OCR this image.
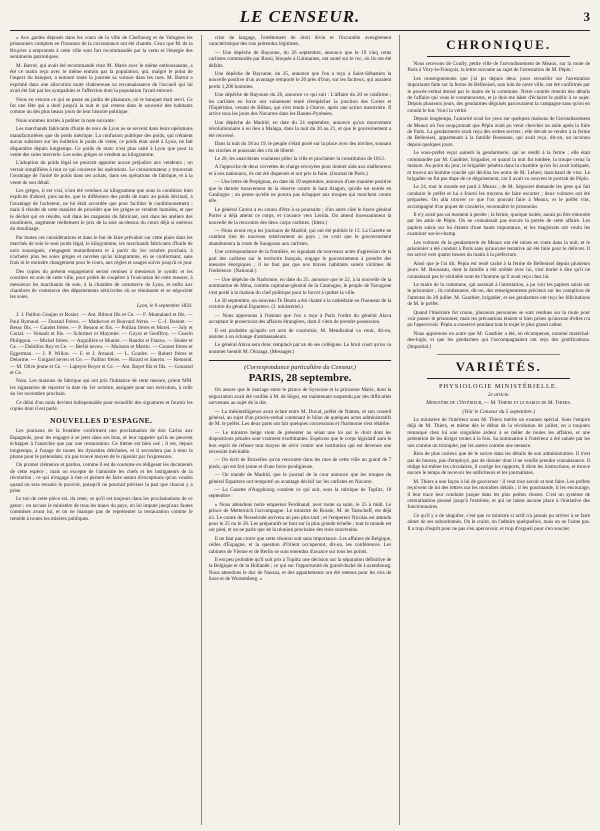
LE CENSEUR.	3

« Aux gardes déposés dans les cours de la ville de Cherbourg et de Valognes les prisonniers complets en l'honneur de la circonstance ont été chantés. Ceux que M. de la Bruyère a empruntés à cette ville sont fort recommandés par la vertu et l'énergie des sentiments patriotiques.

M. Barrot, qui avait été recommandé chez M. Marie avec le même enthousiasme, a été ce matin reçu avec le même entrain par la population, qui, malgré le point de l'aspect du banquet, a entouré toute la journée sa voiture dans les rues. M. Barrot a exprimé dans une allocution toute chaleureuse sa reconnaissance de l'accueil qui lui avait été fait par les sympathies et l'affection dont la population l'avait entouré.

Nous en venons ce qui se passe au jardin de plaisance, où le banquet était servi. Ce fut une fête qui a duré jusqu'à la nuit et qui restera dans le souvenir des habitants comme un des plus beaux jours de leur histoire politique.

Nous sommes invités à publier la note suivante :

Les marchands fabricants d'huile de noix de Lyon ne se servent dans leurs opérations manufacturières que du poids métrique. La confusion publique des poids, qui n'étaient aucun subsister sur les bulletins le poids de vente, ce poids était usité à Lyon, ne fait disparaître depuis longtemps. Ce poids de marc n'est plus usité à Lyon que pour la vente des soies mercerie. Les soies grèges se vendent au kilogramme.

L'adoption du poids légal ne pourrait apporter aucun préjudice aux vendeurs ; on verrait simplifiées à tout ce qui concerne les opérations. Le consommateur y trouverait l'avantage de l'unité de poids dans ses achats, dans ses opérations de fabrique, et à la vente de son détail.

Les grèges, il est vrai, n'ont été vendues au kilogramme que sous la condition bien explicite d'abord, puis tacite, que le différence des poids de marc au poids décimal, à l'avantage de l'acheteur, ne lui était accordée que pour faciliter le conditionnement ; mais il résulte de cette manière de procéder que les grèges se vendent humides, et que le déchet qui en résulte, soit dans les magasins du fabricant, soit dans les ateliers des mouliniers, augmente réellement le prix de la soie au-dessus du cours déjà si onéreux du moulinage.

Par toutes ces considérations et dans le but de faire prévaloir sur cette place dans les marchés de soie le seul poids légal, le kilogramme, les marchands fabricants d'huile de noix soussignés, s'engagent mutuellement et à partir du 1er octobre prochain, à n'acheter plus les soies grèges et ouvrées qu'au kilogramme, en se conformant, sans frais ni le moindre changement pour le cours, aux règles et usages suivis jusqu'à ce jour.

Des copies du présent engagement seront remises à messieurs le syndic et les courtiers en soie de cette ville, pour prière de coopérer à l'exécution de cette mesure, à messieurs les marchands de soie, à la chambre de commerce de Lyon, et enfin aux chambres de commerce des départements séricicoles où se réunissent et se négocient les soies.

Lyon, le 9 septembre 1833.

J. J. Paillon Goujon et Rosier. — Ant. Ribout fils et Ce. — F. Montaland et fils. — Paul Rymaud. — Durand Frères. — Mathevon et Bouvard frères. — C.-J. Bonnet. — Bessy fils. — Gaudet frères. — P. Besson et fils. — Pollian frères et Morel. — Joly et Curial. — Venault et fils. — Schirmer et Maymier. — Guyot et Geoffroy. — Guerin Philippon. — Michel frères. — Arguillère et Munier. — Baudot et Fatava. — Sinder et Ce. — Dubilliot Roy et Ce. — Berlié neveu. — Moisson et Martin. — Gonnet frères et Eggerman. — J. P. Willon. — F. et J. Arnaud. — L. Coudre. — Robert frères et Delorme. — Guigard neveu et Ce. — Paillon frères. — Ricard et Sauvin. — Remond. — M. Olive jeune et Ce. — Lapeyre Boyer et Ce. — Ant. Bayet fils et fils. — Gourand et Ce.

Nota. Les maisons de fabrique qui ont pris l'initiative de cette mesure, prient MM. les signataires de reporter la date du 1er octobre, assignée pour son exécution, à celle du 1er novembre prochain.

Ce délai d'un mois devient indispensable pour recueillir des signatures et fournir les copies dont il est parlé.

NOUVELLES D'ESPAGNE.

Les journaux de la frontière confirment une proclamation de don Carlos aux Espagnols, pour les engager à se jeter dans ses bras, et leur rappeler qu'ils ne peuvent échapper à l'anarchie que par une restauration. Ce thème est bien usé ; il est, depuis longtemps, à l'usage de toutes les dynasties détrônées, et il secondera pas à tenu la plume pour le prétendant, n'a pas trouvé moyen de le rajeunir par l'expression.

On promet clémence et pardon, comme il est de coutume en rédigeant les documents de cette espèce ; mais on excepte de l'amnistie les chefs et les instigateurs de la révolution ; ce qui n'engage à rien et permet de faire autant d'exceptions qu'on voudra quand on sera ressaisi le pouvoir, puisqu'il ne pourrait préciser la part que chacun y a prise.

Le ton de cette pièce est, du reste, ce qu'il est toujours dans les proclamations de ce genre ; on accuse le ministère de tous les maux du pays, on lui impute jusqu'aux fautes commises avant lui, et on ne manque pas de représenter la restauration comme le remède à toutes les misères publiques.

crise de langage, l'entêtement de droit divin et l'incurable aveuglement caractéristique des rois prétendus légitimes.

— Une dépêche de Bayonne, du 26 septembre, annonce que le 19 cinq cents carlistes commandés par Rossi, bloqués à Guimaraes, ont sauté sur le roc, où ils ont été défaits.

Une dépêche de Bayonne, du 25, annonce que l'on a reçu à Saint-Sébastien la nouvelle positive d'un avantage remporté le 20 près d'Irun, sur les factieux, qui auraient perdu 1,200 hommes.

Une dépêche de Bayonne du 26, annonce ce qui suit : L'affaire du 20 se confirme ; les carlistes en force ont vainement tenté d'empêcher la jonction des Cortes et l'Espéridon, venant de Bilbao, qui s'est rendu à Ororce, après une action meurtrière. Il arrive tous les jours des Navarres dans les Hautes-Pyrénées.

Une dépêche de Madrid, en date du 24 septembre, annonce qu'un mouvement révolutionnaire a eu lieu à Malaga, dans la nuit du 20 au 21, et que le gouvernement a été renversé.

Dans la nuit du 18 au 19, le peuple s'était porté sur la place avec des torches, sonnant les cloches et poussant des cris de liberté.

Le 20, les anarchistes voulaient piller la ville et proclamer la constitution de 1812.

A l'approche de deux corvettes de charge envoyées pour donner aide aux malheureux et à nos nationaux, ils ont été dispersés et ont pris la fuite. (Journal de Paris.)

— Une lettre de Perpignan, en date du 19 septembre, annonce d'une manière positive que le dernier mouvement de la réserve contre le haut Aragon, qu'elle est entrée en Catalogne ; on pense qu'elle ne pourra pas échapper aux troupes qui marchent contre elle.

Le général Carera a eu connu d'être à sa poursuite ; d'un autre côté le brave général Porter a déjà atteint ce corps, et s'avance vers Lérida. On attend incessamment la nouvelle de la rencontre des deux corps carlistes. (Idem.)

— Nous avons reçu les journaux de Madrid, qui ont été publiés le 13. La Gazette ne contient rien de nouveau relativement au pays ; on croit que le gouvernement abandonnera la route de Saragosse aux carlistes.

Une correspondance de la frontière, en signalant de nouveaux actes d'agression de la part des carlistes sur le territoire français, engage le gouvernement à prendre des mesures énergiques ; il ne faut pas que nos braves habitants soient victimes de l'indolence. (National.)

— Une dépêche de Narbonne, en date du 25, annonce que le 22, à la nouvelle de la nomination de Mina, comme capitaine-général de la Catalogne, le peuple de Tarragone s'est porté à la maison du chef politique pour le forcer à quitter la ville.

Le 20 septembre, un nouveau Te Deum a été chanté à la cathédrale en l'honneur de la victoire du général Espartero. (J. ministériel.)

— Nous apprenons à l'instant que l'on a reçu à Paris l'ordre du général Alava acceptant le protectorat des affaires étrangères, dont il vient de prendre possession.

Il est probable qu'après cet acte de courtoisie, M. Mendizabal va venir, dit-on, assister à un échange d'ambassadeurs.

Le général Alava sera donc remplacé par un de ses collègues. Le bruit court qu'on va nommer bientôt M. Olozaga. (Messager.)

(Correspondance particulière du Censeur.)
PARIS, 28 septembre.

On assure que le mariage entre le prince de Syracuse et la princesse Marie, dont la négociation avait été confiée à M. de Ségur, est maintenant suspendu par des difficultés survenues au sujet de la dot.

— La mésintelligence avait éclaté entre M. Duval, préfet de Nantes, et son conseil général, au sujet d'un procès-verbal contenant le bilan de quelques actes administratifs de M. le préfet. Les deux parts ont fait quelques concessions et l'harmonie s'est rétablie.

— Le ministre belge vient de présenter au sénat une loi sur le droit dont les dispositions pénales sont vraiment exorbitantes. Espérons que le corps législatif aura le bon esprit de refuser tout moyen de sévir contre une institution qui est devenue une nécessité inévitable.

— On écrit de Bruxelles qu'on rencontre dans les rues de cette ville un grand de 7 pieds, qui est fort jeune et d'une force prodigieuse.

— On mande de Madrid, que le journal de la cour annonce que les troupes du général Espartero ont remporté un avantage décisif sur les carlistes en Navarre.

— La Gazette d'Augsbourg contient ce qui suit, sous la rubrique de Toplitz, 18 septembre :

« Nous attendons notre empereur Ferdinand, avec toute sa suite, le 25 à midi. Le prince de Metternich l'accompagne. Le ministre de Russie, M. de Tatischeff, est déjà ici. Le comte de Nesselrode arrivera un peu plus tard ; et l'empereur Nicolas est attendu pour le 25 ou le 26. Les préparatifs se font sur la plus grande échelle ; tout le monde est sur pied, et on ne parle que de la réunion prochaine des trois souverains.

Il ne faut pas croire que cette réunion soit sans importance. Les affaires de Belgique, celles d'Espagne, et la question d'Orient occuperont, dit-on, les conférences. Les cabinets de Vienne et de Berlin se sont entendus d'avance sur tous les points.

Il est peu probable qu'il soit pris à Toplitz une décision sur la séparation définitive de la Belgique et de la Hollande ; ce qui sur l'opportunité du grand-duché de Luxembourg. Nous attendons le duc de Nassau, et des appartements ont été retenus pour les rois de Saxe et de Wurtemberg. »

CHRONIQUE.

Nous recevons de Coully, petite ville de l'arrondissement de Meaux, sur la route de Paris à Vitry-le-François, la lettre suivante au sujet de l'arrestation de M. Pépin :

Les renseignements que j'ai pu depuis deux jours recueillir sur l'arrestation importante faite sur la ferme de Belleoisel, non loin de notre ville, ont été confirmés par le procès-verbal dressé par le maire de la commune. Notre contrée retentit des détails de l'affaire qui vous le commencerez, et je dois me hâter d'éclairer le public à ce sujet. Depuis plusieurs jours, des gendarmes déguisés parcouraient la campagne sans qu'on en connût le but. Voici la vérité.

Depuis longtemps, l'autorité avait les yeux sur quelques maisons de l'arrondissement de Meaux où l'on soupçonnait que Pépin avait pu venir chercher un asile après la fuite de Paris. La gendarmerie avait reçu des ordres secrets ; elle devait se rendre à la ferme de Belleoisel, appartenant à la famille Rousseau, qui avait reçu, dit-on, un inconnu depuis quelques jours.

Le sous-préfet reçut samedi la gendarmerie, qui se rendit à la ferme ; elle était commandée par M. Gauthier, brigadier, et quand la nuit fut tombée, la troupe cerna la maison. Au point du jour, le brigadier pénétra dans la chambre qu'on lui avait indiquée, et trouva un homme couché qui déclina les noms de M. Lehrer, marchand de vins. Le brigadier ne fut pas dupe de ce déguisement, car il avait vu souvent le portrait de Pépin.

Le 24, tout le monde est parti à Meaux ; de M. Ségouret demande les gens qui fait conduire le préfet et lui a fourni les moyens de faire escorter ; deux voitures ont été préparées. On alla trouver ce que l'on pouvait faire à Meaux, et le préfet vint, accompagné d'un piquet de cavalerie, reconnaître le prisonnier.

Il n'y avait pas un moment à perdre ; la ferme, quoique isolée, aurait pu être entourée par les amis de Pépin. On ne connaissait pas encore la portée de cette affaire. Les papiers saisis sur lui étaient d'une haute importance, et les magistrats ont voulu les examiner sur-le-champ.

Les voitures de la gendarmerie de Meaux ont été mises en route dans la nuit, et le prisonnier a été conduit à Paris sans qu'aucune tentative ait été faite pour le délivrer. Il est arrivé vers quatre heures du matin à la préfecture.

Ainsi que je l'ai dit, Pépin est resté caché à la ferme de Belleoisel depuis plusieurs jours. M. Rousseau, dont la famille a été arrêtée avec lui, s'est borné à dire qu'il ne connaissait pas le véritable nom de l'homme qu'il avait reçu chez lui.

Le maire de la commune, qui assistait à l'arrestation, a pu voir les papiers saisis sur le prisonnier ; ils contiennent, dit-on, des renseignements précieux sur les complices de l'attentat du 28 juillet. M. Gauthier, brigadier, et ses gendarmes ont reçu les félicitations de M. le préfet.

Quand l'itinéraire fut connu, plusieurs personnes se sont rendues sur la route pour voir passer le prisonnier, mais les précautions étaient si bien prises qu'aucune d'elles n'a pu l'apercevoir. Pépin a conservé pendant tout le trajet le plus grand calme.

Nous apprenons en outre que M. Gauthier a été, en récompense, nommé maréchal-des-logis, et que les gendarmes qui l'accompagnaient ont reçu des gratifications. (Impartial.)

VARIÉTÉS.
PHYSIOLOGIE MINISTÉRIELLE.
2e article.
Ministère de l'Intérieur, — M. Thiers et le baron de M. Thiers.
(Voir le Censeur du 5 septembre.)

Le ministère de l'intérieur sous M. Thiers mérite un examen spécial. Sous l'empire déjà de M. Thiers, et même dès le début de la révolution de juillet, on a toujours remarqué chez lui une singulière ardeur à se mêler de toutes les affaires, et une prétention de les diriger toutes à la fois. Sa nomination à l'intérieur a été saluée par les uns comme un triomphe, par les autres comme une menace.

Rien de plus curieux que de le suivre dans les détails de son administration. Il n'est pas de bureau, pas d'employé, pas de dossier dont il ne veuille prendre connaissance. Il rédige lui-même les circulaires, il corrige les rapports, il dicte les instructions, et trouve encore le temps de recevoir les solliciteurs et les journalistes.

M. Thiers a une façon à lui de gouverner : il veut tout savoir et tout faire. Les préfets reçoivent de lui des lettres sur les moindres détails ; il les gourmande, il les encourage, il leur trace leur conduite jusque dans les plus petites choses. C'est un système de centralisation poussé jusqu'à l'extrême, et qui ne laisse aucune place à l'initiative des fonctionnaires.

Ce qu'il y a de singulier, c'est que ce ministre si actif n'a jamais pu arriver à se faire aimer de ses subordonnés. On le craint, on l'admire quelquefois, mais on ne l'aime pas. Il a trop d'esprit pour ne pas s'en apercevoir, et trop d'orgueil pour s'en soucier.
